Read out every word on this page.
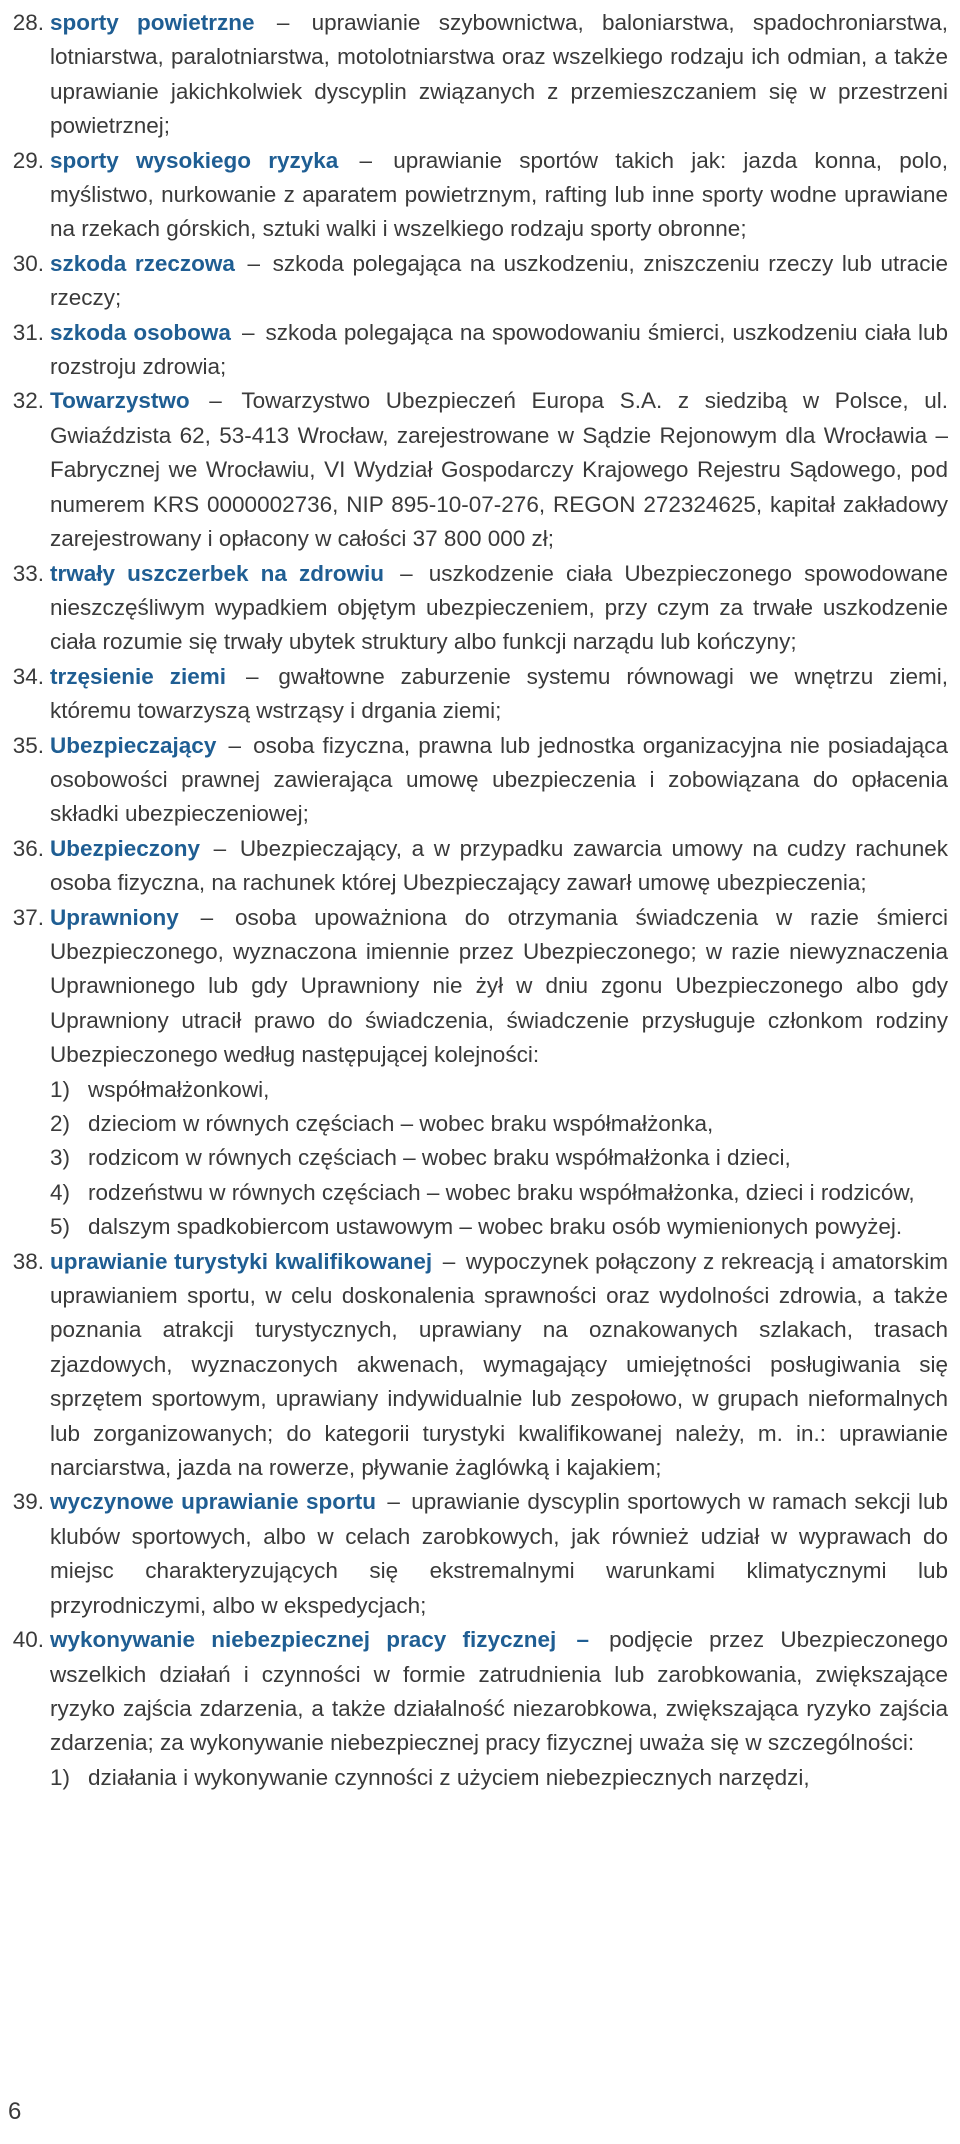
28. sporty powietrzne – uprawianie szybownictwa, baloniarstwa, spadochroniarstwa, lotniarstwa, paralotniarstwa, motolotniarstwa oraz wszelkiego rodzaju ich odmian, a także uprawianie jakichkolwiek dyscyplin związanych z przemieszczaniem się w przestrzeni powietrznej;
29. sporty wysokiego ryzyka – uprawianie sportów takich jak: jazda konna, polo, myślistwo, nurkowanie z aparatem powietrznym, rafting lub inne sporty wodne uprawiane na rzekach górskich, sztuki walki i wszelkiego rodzaju sporty obronne;
30. szkoda rzeczowa – szkoda polegająca na uszkodzeniu, zniszczeniu rzeczy lub utracie rzeczy;
31. szkoda osobowa – szkoda polegająca na spowodowaniu śmierci, uszkodzeniu ciała lub rozstroju zdrowia;
32. Towarzystwo – Towarzystwo Ubezpieczeń Europa S.A. z siedzibą w Polsce, ul. Gwiaździsta 62, 53-413 Wrocław, zarejestrowane w Sądzie Rejonowym dla Wrocławia – Fabrycznej we Wrocławiu, VI Wydział Gospodarczy Krajowego Rejestru Sądowego, pod numerem KRS 0000002736, NIP 895-10-07-276, REGON 272324625, kapitał zakładowy zarejestrowany i opłacony w całości 37 800 000 zł;
33. trwały uszczerbek na zdrowiu – uszkodzenie ciała Ubezpieczonego spowodowane nieszczęśliwym wypadkiem objętym ubezpieczeniem, przy czym za trwałe uszkodzenie ciała rozumie się trwały ubytek struktury albo funkcji narządu lub kończyny;
34. trzęsienie ziemi – gwałtowne zaburzenie systemu równowagi we wnętrzu ziemi, któremu towarzyszą wstrząsy i drgania ziemi;
35. Ubezpieczający – osoba fizyczna, prawna lub jednostka organizacyjna nie posiadająca osobowości prawnej zawierająca umowę ubezpieczenia i zobowiązana do opłacenia składki ubezpieczeniowej;
36. Ubezpieczony – Ubezpieczający, a w przypadku zawarcia umowy na cudzy rachunek osoba fizyczna, na rachunek której Ubezpieczający zawarł umowę ubezpieczenia;
37. Uprawniony – osoba upoważniona do otrzymania świadczenia w razie śmierci Ubezpieczonego, wyznaczona imiennie przez Ubezpieczonego; w razie niewyznaczenia Uprawnionego lub gdy Uprawniony nie żył w dniu zgonu Ubezpieczonego albo gdy Uprawniony utracił prawo do świadczenia, świadczenie przysługuje członkom rodziny Ubezpieczonego według następującej kolejności:
1) współmałżonkowi,
2) dzieciom w równych częściach – wobec braku współmałżonka,
3) rodzicom w równych częściach – wobec braku współmałżonka i dzieci,
4) rodzeństwu w równych częściach – wobec braku współmałżonka, dzieci i rodziców,
5) dalszym spadkobiercom ustawowym – wobec braku osób wymienionych powyżej.
38. uprawianie turystyki kwalifikowanej – wypoczynek połączony z rekreacją i amatorskim uprawianiem sportu, w celu doskonalenia sprawności oraz wydolności zdrowia, a także poznania atrakcji turystycznych, uprawiany na oznakowanych szlakach, trasach zjazdowych, wyznaczonych akwenach, wymagający umiejętności posługiwania się sprzętem sportowym, uprawiany indywidualnie lub zespołowo, w grupach nieformalnych lub zorganizowanych; do kategorii turystyki kwalifikowanej należy, m. in.: uprawianie narciarstwa, jazda na rowerze, pływanie żaglówką i kajakiem;
39. wyczynowe uprawianie sportu – uprawianie dyscyplin sportowych w ramach sekcji lub klubów sportowych, albo w celach zarobkowych, jak również udział w wyprawach do miejsc charakteryzujących się ekstremalnymi warunkami klimatycznymi lub przyrodniczymi, albo w ekspedycjach;
40. wykonywanie niebezpiecznej pracy fizycznej – podjęcie przez Ubezpieczonego wszelkich działań i czynności w formie zatrudnienia lub zarobkowania, zwiększające ryzyko zajścia zdarzenia, a także działalność niezarobkowa, zwiększająca ryzyko zajścia zdarzenia; za wykonywanie niebezpiecznej pracy fizycznej uważa się w szczególności:
1) działania i wykonywanie czynności z użyciem niebezpiecznych narzędzi,
6
